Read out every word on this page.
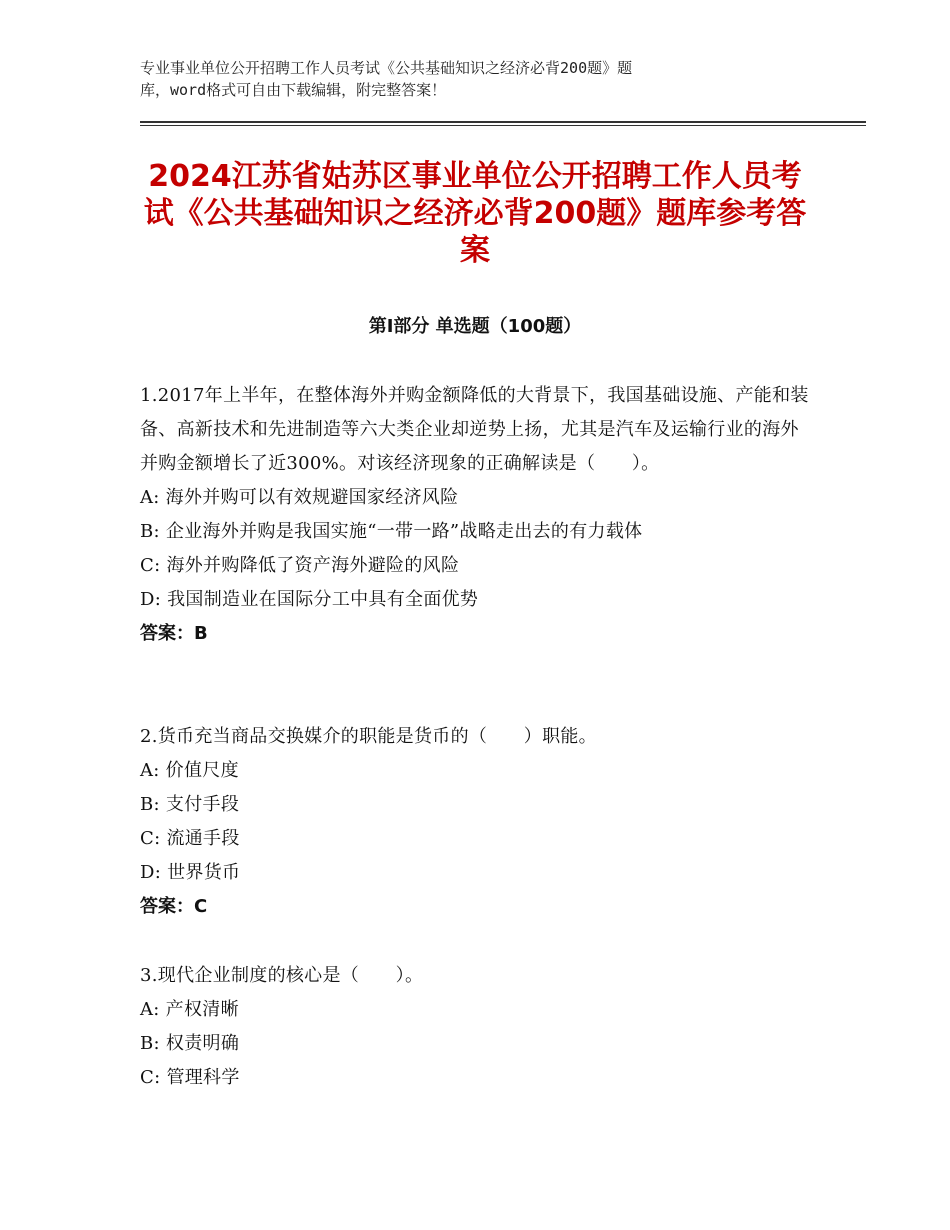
专业事业单位公开招聘工作人员考试《公共基础知识之经济必背200题》题

库，word格式可自由下载编辑，附完整答案！

2024江苏省姑苏区事业单位公开招聘工作人员考试《公共基础知识之经济必背200题》题库参考答案
第Ⅰ部分 单选题（100题）

1.2017年上半年，在整体海外并购金额降低的大背景下，我国基础设施、产能和装备、高新技术和先进制造等六大类企业却逆势上扬，尤其是汽车及运输行业的海外并购金额增长了近300%。对该经济现象的正确解读是（　　）。

A: 海外并购可以有效规避国家经济风险

B: 企业海外并购是我国实施“一带一路”战略走出去的有力载体

C: 海外并购降低了资产海外避险的风险

D: 我国制造业在国际分工中具有全面优势

答案：B

2.货币充当商品交换媒介的职能是货币的（　　）职能。

A: 价值尺度

B: 支付手段

C: 流通手段

D: 世界货币

答案：C

3.现代企业制度的核心是（　　）。

A: 产权清晰

B: 权责明确

C: 管理科学
